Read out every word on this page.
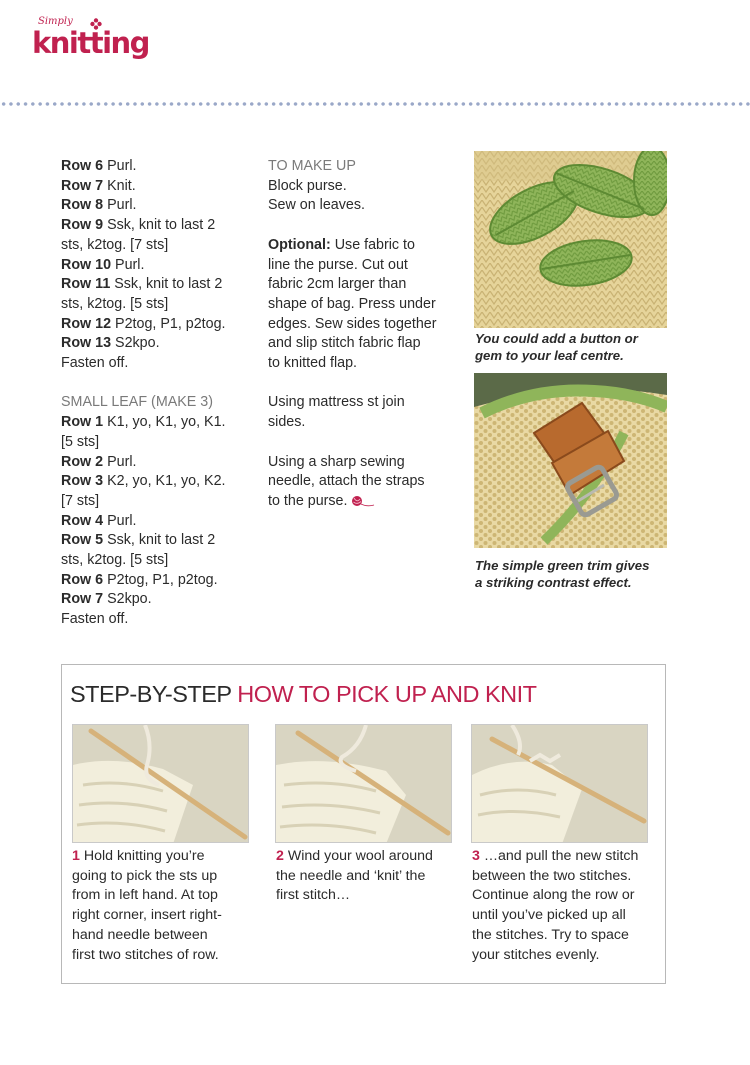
Simply
knitting
Row 6 Purl.
Row 7 Knit.
Row 8 Purl.
Row 9 Ssk, knit to last 2
sts, k2tog. [7 sts]
Row 10 Purl.
Row 11 Ssk, knit to last 2
sts, k2tog. [5 sts]
Row 12 P2tog, P1, p2tog.
Row 13 S2kpo.
Fasten off.
SMALL LEAF (MAKE 3)
Row 1 K1, yo, K1, yo, K1.
[5 sts]
Row 2 Purl.
Row 3 K2, yo, K1, yo, K2.
[7 sts]
Row 4 Purl.
Row 5 Ssk, knit to last 2
sts, k2tog. [5 sts]
Row 6 P2tog, P1, p2tog.
Row 7 S2kpo.
Fasten off.
TO MAKE UP
Block purse.
Sew on leaves.
Optional: Use fabric to
line the purse. Cut out
fabric 2cm larger than
shape of bag. Press under
edges. Sew sides together
and slip stitch fabric flap
to knitted flap.
Using mattress st join
sides.
Using a sharp sewing
needle, attach the straps
to the purse.
You could add a button or
gem to your leaf centre.
The simple green trim gives
a striking contrast effect.
STEP-BY-STEP HOW TO PICK UP AND KNIT
1 Hold knitting you’re
going to pick the sts up
from in left hand. At top
right corner, insert right-
hand needle between
first two stitches of row.
2 Wind your wool around
the needle and ‘knit’ the
first stitch…
3 …and pull the new stitch
between the two stitches.
Continue along the row or
until you’ve picked up all
the stitches. Try to space
your stitches evenly.
